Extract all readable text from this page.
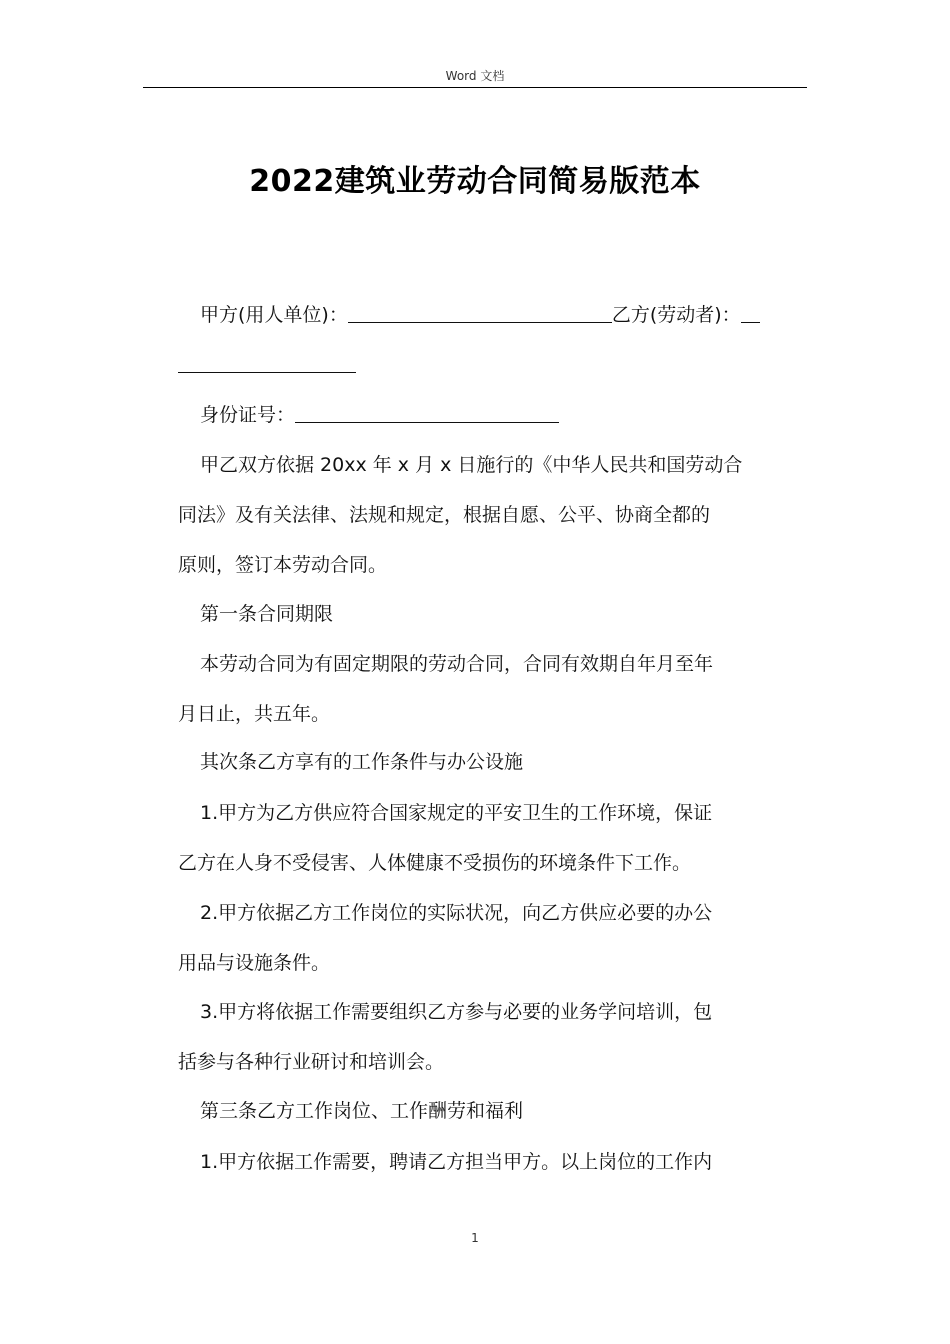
Word 文档
2022建筑业劳动合同简易版范本
甲方(用人单位)：	乙方(劳动者)：
身份证号：
甲乙双方依据 20xx 年 x 月 x 日施行的《中华人民共和国劳动合
同法》及有关法律、法规和规定，根据自愿、公平、协商全都的
原则，签订本劳动合同。
第一条合同期限
本劳动合同为有固定期限的劳动合同，合同有效期自年月至年
月日止，共五年。
其次条乙方享有的工作条件与办公设施
1.甲方为乙方供应符合国家规定的平安卫生的工作环境，保证
乙方在人身不受侵害、人体健康不受损伤的环境条件下工作。
2.甲方依据乙方工作岗位的实际状况，向乙方供应必要的办公
用品与设施条件。
3.甲方将依据工作需要组织乙方参与必要的业务学问培训，包
括参与各种行业研讨和培训会。
第三条乙方工作岗位、工作酬劳和福利
1.甲方依据工作需要，聘请乙方担当甲方。以上岗位的工作内
1
